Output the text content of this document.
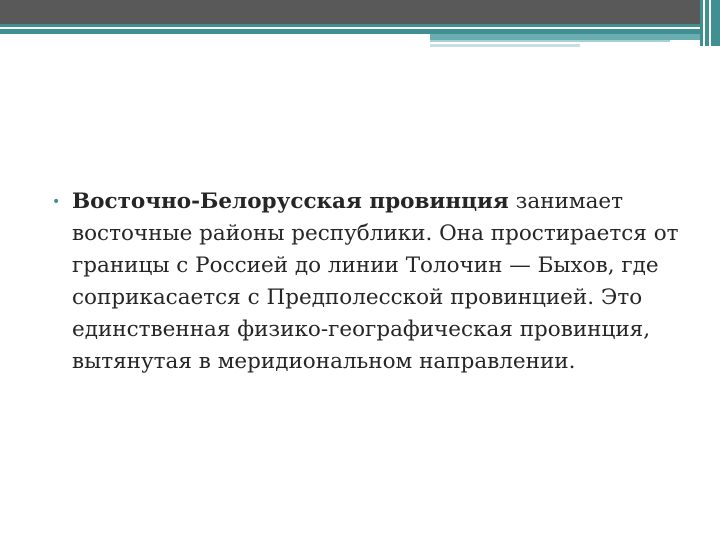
• Восточно-Белорусская провинция занимает восточные районы республики. Она простирается от границы с Россией до линии Толочин — Быхов, где соприкасается с Предполесской провинцией. Это единственная физико-географическая провинция, вытянутая в меридиональном направлении.
